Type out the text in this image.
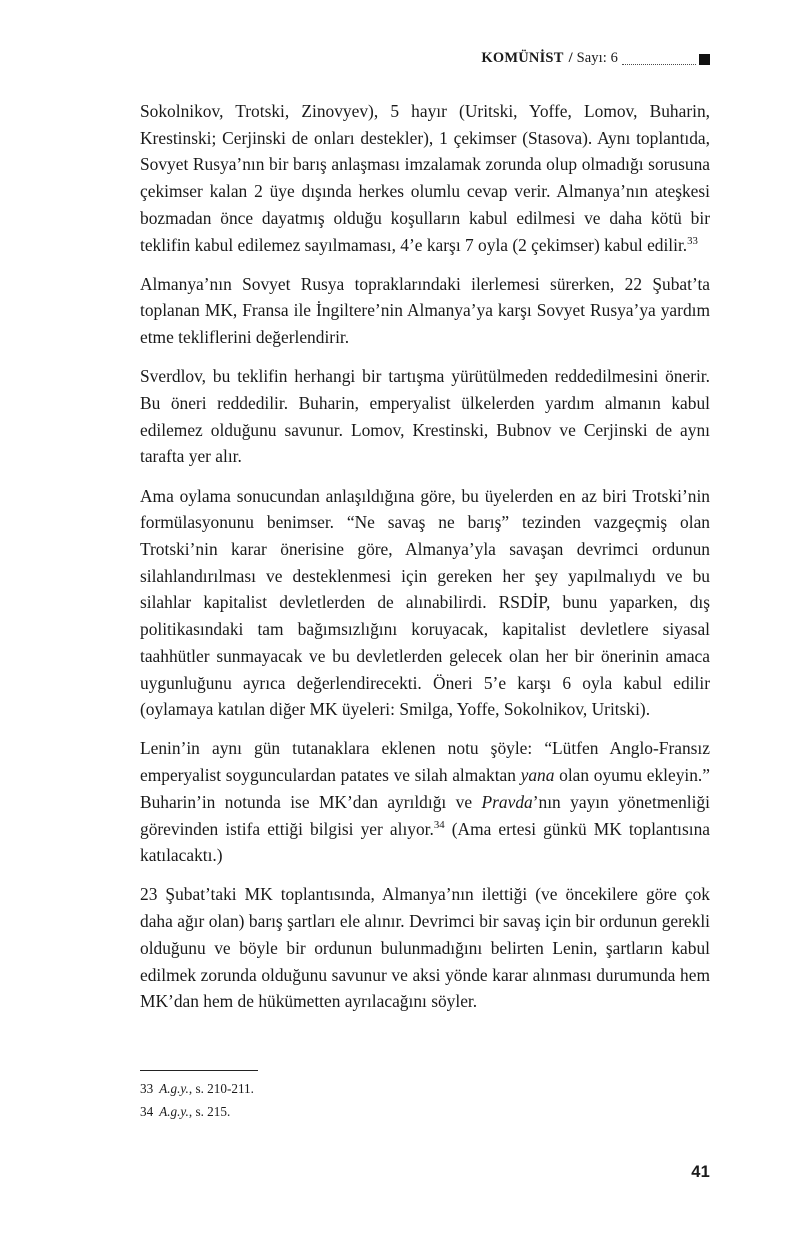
KOMÜNİST / Sayı: 6

Sokolnikov, Trotski, Zinovyev), 5 hayır (Uritski, Yoffe, Lomov, Buharin, Krestinski; Cerjinski de onları destekler), 1 çekimser (Stasova). Aynı toplantıda, Sovyet Rusya’nın bir barış anlaşması imzalamak zorunda olup olmadığı sorusuna çekimser kalan 2 üye dışında herkes olumlu cevap verir. Almanya’nın ateşkesi bozmadan önce dayatmış olduğu koşulların kabul edilmesi ve daha kötü bir teklifin kabul edilemez sayılmaması, 4’e karşı 7 oyla (2 çekimser) kabul edilir.$^{33}$

Almanya’nın Sovyet Rusya topraklarındaki ilerlemesi sürerken, 22 Şubat’ta toplanan MK, Fransa ile İngiltere’nin Almanya’ya karşı Sovyet Rusya’ya yardım etme tekliflerini değerlendirir.

Sverdlov, bu teklifin herhangi bir tartışma yürütülmeden reddedilmesini önerir. Bu öneri reddedilir. Buharin, emperyalist ülkelerden yardım almanın kabul edilemez olduğunu savunur. Lomov, Krestinski, Bubnov ve Cerjinski de aynı tarafta yer alır.

Ama oylama sonucundan anlaşıldığına göre, bu üyelerden en az biri Trotski’nin formülasyonunu benimser. “Ne savaş ne barış” tezinden vazgeçmiş olan Trotski’nin karar önerisine göre, Almanya’yla savaşan devrimci ordunun silahlandırılması ve desteklenmesi için gereken her şey yapılmalıydı ve bu silahlar kapitalist devletlerden de alınabilirdi. RSDİP, bunu yaparken, dış politikasındaki tam bağımsızlığını koruyacak, kapitalist devletlere siyasal taahhütler sunmayacak ve bu devletlerden gelecek olan her bir önerinin amaca uygunluğunu ayrıca değerlendirecekti. Öneri 5’e karşı 6 oyla kabul edilir (oylamaya katılan diğer MK üyeleri: Smilga, Yoffe, Sokolnikov, Uritski).

Lenin’in aynı gün tutanaklara eklenen notu şöyle: “Lütfen Anglo-Fransız emperyalist soygunculardan patates ve silah almaktan yana olan oyumu ekleyin.” Buharin’in notunda ise MK’dan ayrıldığı ve Pravda’nın yayın yönetmenliği görevinden istifa ettiği bilgisi yer alıyor.$^{34}$ (Ama ertesi günkü MK toplantısına katılacaktı.)

23 Şubat’taki MK toplantısında, Almanya’nın ilettiği (ve öncekilere göre çok daha ağır olan) barış şartları ele alınır. Devrimci bir savaş için bir ordunun gerekli olduğunu ve böyle bir ordunun bulunmadığını belirten Lenin, şartların kabul edilmek zorunda olduğunu savunur ve aksi yönde karar alınması durumunda hem MK’dan hem de hükümetten ayrılacağını söyler.

33 A.g.y., s. 210-211.

34 A.g.y., s. 215.

41
